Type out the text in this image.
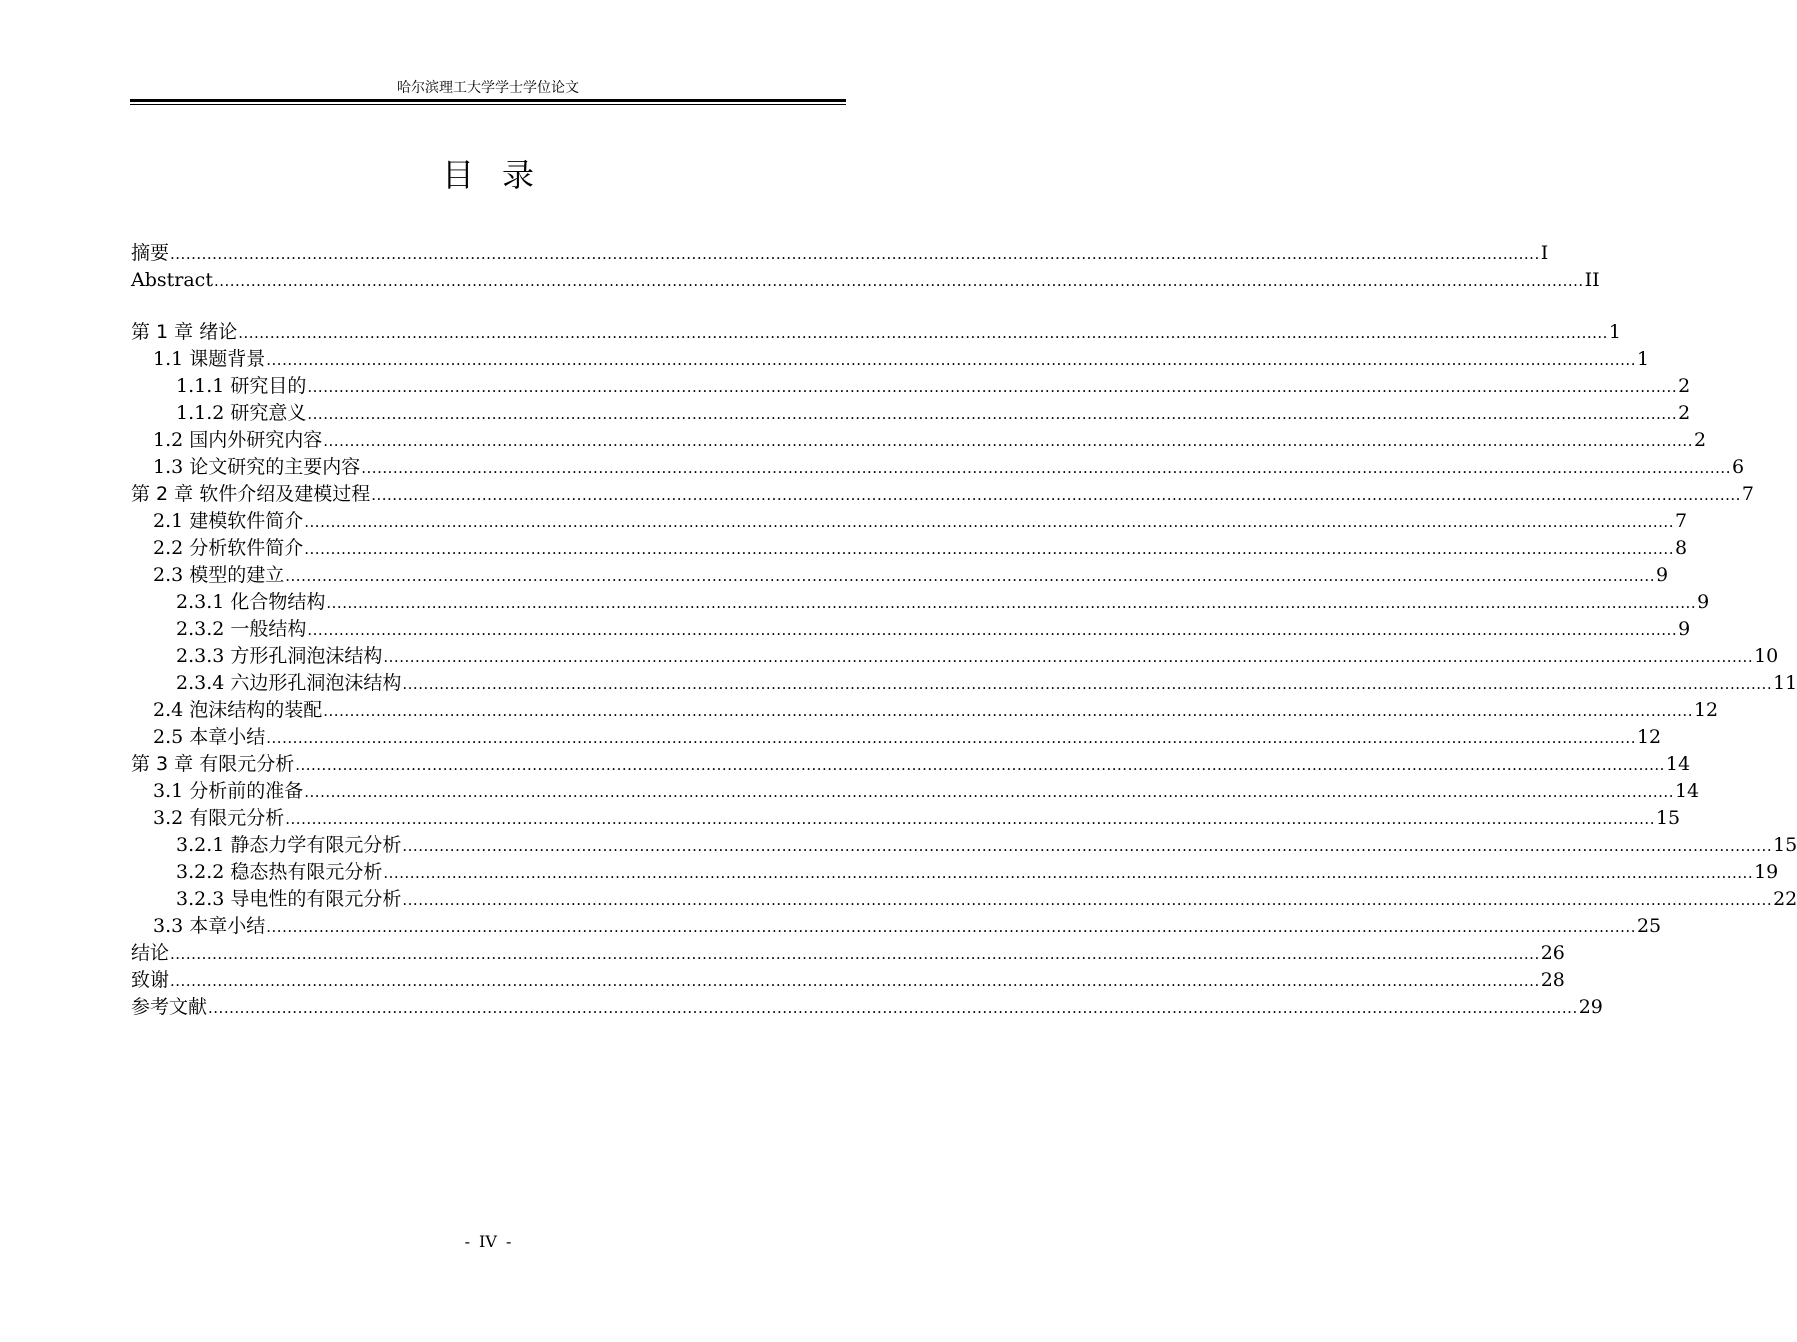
哈尔滨理工大学学士学位论文
目录
摘要 .................................................................................................................................................................................................................................................................... I
Abstract .................................................................................................................................................................................................................................................................... II
第 1 章 绪论 .................................................................................................................................................................................................................................................................... 1
1.1 课题背景 .................................................................................................................................................................................................................................................................... 1
1.1.1 研究目的 .................................................................................................................................................................................................................................................................... 2
1.1.2 研究意义 .................................................................................................................................................................................................................................................................... 2
1.2 国内外研究内容 .................................................................................................................................................................................................................................................................... 2
1.3 论文研究的主要内容 .................................................................................................................................................................................................................................................................... 6
第 2 章 软件介绍及建模过程 .................................................................................................................................................................................................................................................................... 7
2.1 建模软件简介 .................................................................................................................................................................................................................................................................... 7
2.2 分析软件简介 .................................................................................................................................................................................................................................................................... 8
2.3 模型的建立 .................................................................................................................................................................................................................................................................... 9
2.3.1 化合物结构 .................................................................................................................................................................................................................................................................... 9
2.3.2 一般结构 .................................................................................................................................................................................................................................................................... 9
2.3.3 方形孔洞泡沫结构 .................................................................................................................................................................................................................................................................... 10
2.3.4 六边形孔洞泡沫结构 .................................................................................................................................................................................................................................................................... 11
2.4 泡沫结构的装配 .................................................................................................................................................................................................................................................................... 12
2.5 本章小结 .................................................................................................................................................................................................................................................................... 12
第 3 章 有限元分析 .................................................................................................................................................................................................................................................................... 14
3.1 分析前的准备 .................................................................................................................................................................................................................................................................... 14
3.2 有限元分析 .................................................................................................................................................................................................................................................................... 15
3.2.1 静态力学有限元分析 .................................................................................................................................................................................................................................................................... 15
3.2.2 稳态热有限元分析 .................................................................................................................................................................................................................................................................... 19
3.2.3 导电性的有限元分析 .................................................................................................................................................................................................................................................................... 22
3.3 本章小结 .................................................................................................................................................................................................................................................................... 25
结论 .................................................................................................................................................................................................................................................................... 26
致谢 .................................................................................................................................................................................................................................................................... 28
参考文献 .................................................................................................................................................................................................................................................................... 29
- IV -
